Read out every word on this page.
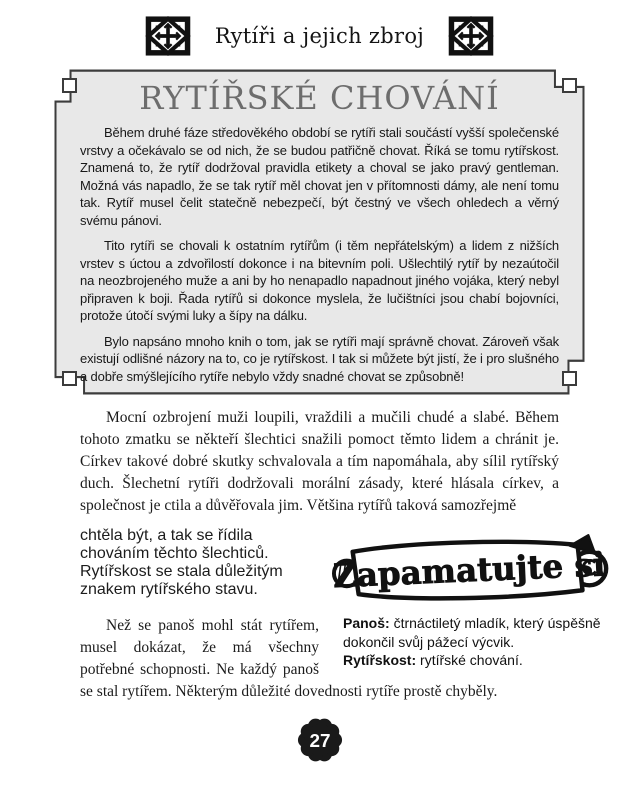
Rytíři a jejich zbroj
RYTÍŘSKÉ CHOVÁNÍ

Během druhé fáze středověkého období se rytíři stali součástí vyšší společenské vrstvy a očekávalo se od nich, že se budou patřičně chovat. Říká se tomu rytířskost. Znamená to, že rytíř dodržoval pravidla etikety a choval se jako pravý gentleman. Možná vás napadlo, že se tak rytíř měl chovat jen v přítomnosti dámy, ale není tomu tak. Rytíř musel čelit statečně nebezpečí, být čestný ve všech ohledech a věrný svému pánovi.

Tito rytíři se chovali k ostatním rytířům (i těm nepřátelským) a lidem z nižších vrstev s úctou a zdvořilostí dokonce i na bitevním poli. Ušlechtilý rytíř by nezaútočil na neozbrojeného muže a ani by ho nenapadlo napadnout jiného vojáka, který nebyl připraven k boji. Řada rytířů si dokonce myslela, že lučištníci jsou chabí bojovníci, protože útočí svými luky a šípy na dálku.

Bylo napsáno mnoho knih o tom, jak se rytíři mají správně chovat. Zároveň však existují odlišné názory na to, co je rytířskost. I tak si můžete být jistí, že i pro slušného a dobře smýšlejícího rytíře nebylo vždy snadné chovat se způsobně!

Mocní ozbrojení muži loupili, vraždili a mučili chudé a slabé. Během tohoto zmatku se někteří šlechtici snažili pomoct těmto lidem a chránit je. Církev takové dobré skutky schvalovala a tím napomáhala, aby sílil rytířský duch. Šlechetní rytíři dodržovali morální zásady, které hlásala církev, a společnost je ctila a důvěřovala jim. Většina rytířů taková samozřejmě

Zapamatujte si

Panoš: čtrnáctiletý mladík, který úspěšně dokončil svůj pážecí výcvik.

Rytířskost: rytířské chování.

chtěla být, a tak se řídila chováním těchto šlechticů. Rytířskost se stala důležitým znakem rytířského stavu.

Než se panoš mohl stát rytířem, musel dokázat, že má všechny potřebné schopnosti. Ne každý panoš se stal rytířem. Některým důležité dovednosti rytíře prostě chyběly.

27
